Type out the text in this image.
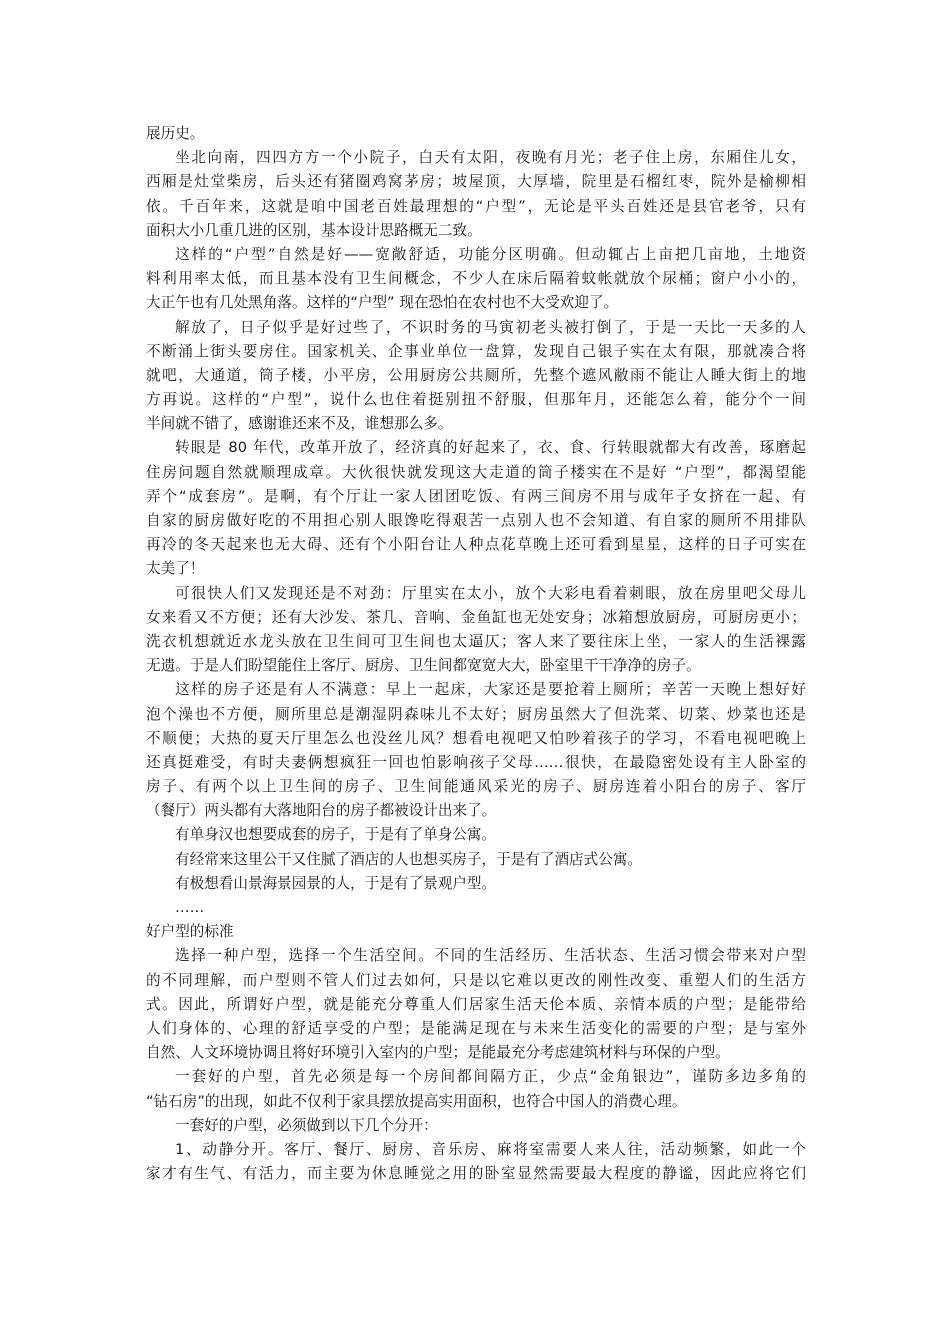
展历史。

坐北向南，四四方方一个小院子，白天有太阳，夜晚有月光；老子住上房，东厢住儿女，

西厢是灶堂柴房，后头还有猪圈鸡窝茅房；坡屋顶，大厚墙，院里是石榴红枣，院外是榆柳相

依。千百年来，这就是咱中国老百姓最理想的“户型”，无论是平头百姓还是县官老爷，只有

面积大小几重几进的区别，基本设计思路概无二致。

这样的“户型”自然是好——宽敞舒适，功能分区明确。但动辄占上亩把几亩地，土地资

料利用率太低，而且基本没有卫生间概念，不少人在床后隔着蚊帐就放个尿桶；窗户小小的，

大正午也有几处黑角落。这样的“户型” 现在恐怕在农村也不大受欢迎了。

解放了，日子似乎是好过些了，不识时务的马寅初老头被打倒了，于是一天比一天多的人

不断涌上街头要房住。国家机关、企事业单位一盘算，发现自己银子实在太有限，那就凑合将

就吧，大通道，筒子楼，小平房，公用厨房公共厕所，先整个遮风敝雨不能让人睡大街上的地

方再说。这样的“户型”，说什么也住着挺别扭不舒服，但那年月，还能怎么着，能分个一间

半间就不错了，感谢谁还来不及，谁想那么多。

转眼是 80 年代，改革开放了，经济真的好起来了，衣、食、行转眼就都大有改善，琢磨起

住房问题自然就顺理成章。大伙很快就发现这大走道的筒子楼实在不是好 “户型”，都渴望能

弄个“成套房”。是啊，有个厅让一家人团团吃饭、有两三间房不用与成年子女挤在一起、有

自家的厨房做好吃的不用担心别人眼馋吃得艰苦一点别人也不会知道、有自家的厕所不用排队

再冷的冬天起来也无大碍、还有个小阳台让人种点花草晚上还可看到星星，这样的日子可实在

太美了！

可很快人们又发现还是不对劲：厅里实在太小，放个大彩电看着刺眼，放在房里吧父母儿

女来看又不方便；还有大沙发、茶几、音响、金鱼缸也无处安身；冰箱想放厨房，可厨房更小；

洗衣机想就近水龙头放在卫生间可卫生间也太逼仄；客人来了要往床上坐，一家人的生活裸露

无遗。于是人们盼望能住上客厅、厨房、卫生间都宽宽大大，卧室里干干净净的房子。

这样的房子还是有人不满意：早上一起床，大家还是要抢着上厕所；辛苦一天晚上想好好

泡个澡也不方便，厕所里总是潮湿阴森味儿不太好；厨房虽然大了但洗菜、切菜、炒菜也还是

不顺便；大热的夏天厅里怎么也没丝儿风？想看电视吧又怕吵着孩子的学习，不看电视吧晚上

还真挺难受，有时夫妻俩想疯狂一回也怕影响孩子父母……很快，在最隐密处设有主人卧室的

房子、有两个以上卫生间的房子、卫生间能通风采光的房子、厨房连着小阳台的房子、客厅

（餐厅）两头都有大落地阳台的房子都被设计出来了。

有单身汉也想要成套的房子，于是有了单身公寓。

有经常来这里公干又住腻了酒店的人也想买房子，于是有了酒店式公寓。

有极想看山景海景园景的人，于是有了景观户型。

……

好户型的标准

选择一种户型，选择一个生活空间。不同的生活经历、生活状态、生活习惯会带来对户型

的不同理解，而户型则不管人们过去如何，只是以它难以更改的刚性改变、重塑人们的生活方

式。因此，所谓好户型，就是能充分尊重人们居家生活天伦本质、亲情本质的户型；是能带给

人们身体的、心理的舒适享受的户型；是能满足现在与未来生活变化的需要的户型；是与室外

自然、人文环境协调且将好环境引入室内的户型；是能最充分考虑建筑材料与环保的户型。

一套好的户型，首先必须是每一个房间都间隔方正，少点“金角银边”，谨防多边多角的

“钻石房”的出现，如此不仅利于家具摆放提高实用面积，也符合中国人的消费心理。

一套好的户型，必须做到以下几个分开：

1、动静分开。客厅、餐厅、厨房、音乐房、麻将室需要人来人往，活动频繁，如此一个

家才有生气、有活力，而主要为休息睡觉之用的卧室显然需要最大程度的静谧，因此应将它们
